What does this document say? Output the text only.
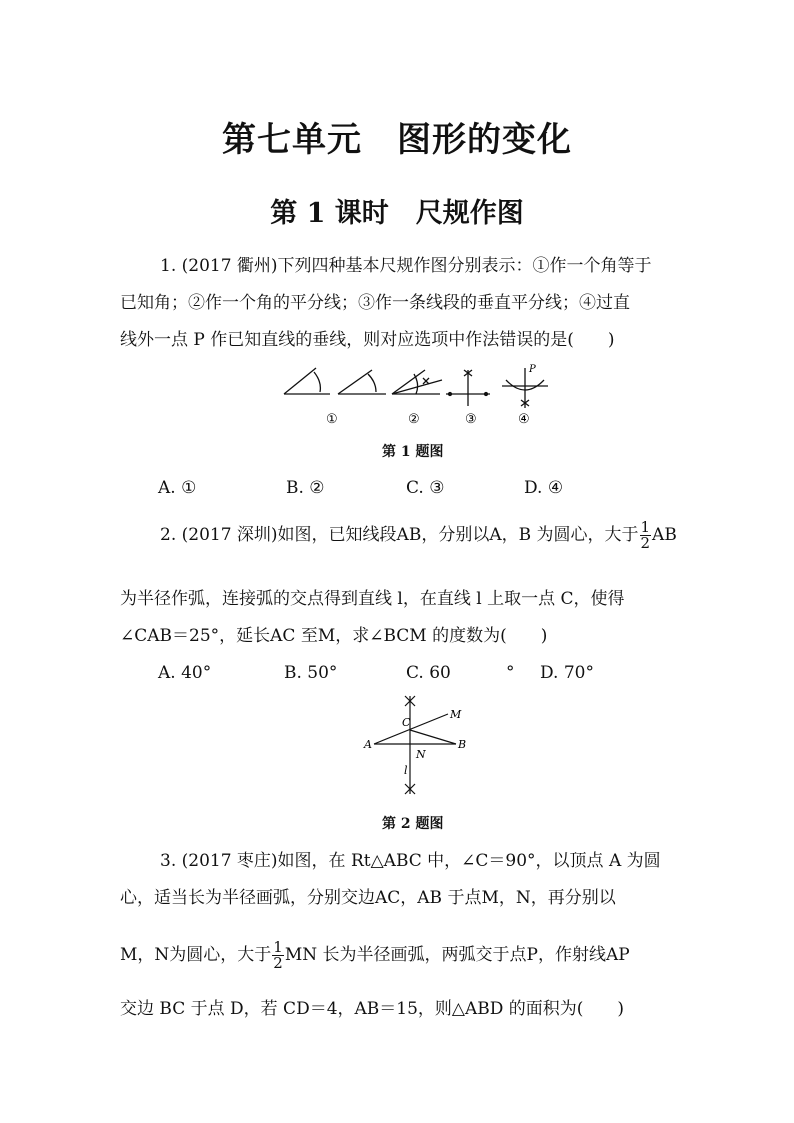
第七单元　图形的变化
第 1 课时　尺规作图
1. (2017 衢州)下列四种基本尺规作图分别表示：①作一个角等于
已知角；②作一个角的平分线；③作一条线段的垂直平分线；④过直
线外一点 P 作已知直线的垂线，则对应选项中作法错误的是(　　)
P
①	②	③	④
第 1 题图
A. ①	B. ②	C. ③	D. ④
2. (2017 深圳)如图，已知线段AB，分别以A，B 为圆心，大于 $\frac{1}{2}$ AB
为半径作弧，连接弧的交点得到直线 l，在直线 l 上取一点 C，使得
∠CAB＝25°，延长AC 至M，求∠BCM 的度数为(　　)
A. 40°	B. 50°	C. 60	° D. 70°
C
M
A
N
B
l
第 2 题图
3. (2017 枣庄)如图，在 Rt△ABC 中，∠C＝90°，以顶点 A 为圆
心，适当长为半径画弧，分别交边AC，AB 于点M，N，再分别以
M，N为圆心，大于 $\frac{1}{2}$ MN 长为半径画弧，两弧交于点P，作射线AP
交边 BC 于点 D，若 CD＝4，AB＝15，则△ABD 的面积为(　　)
